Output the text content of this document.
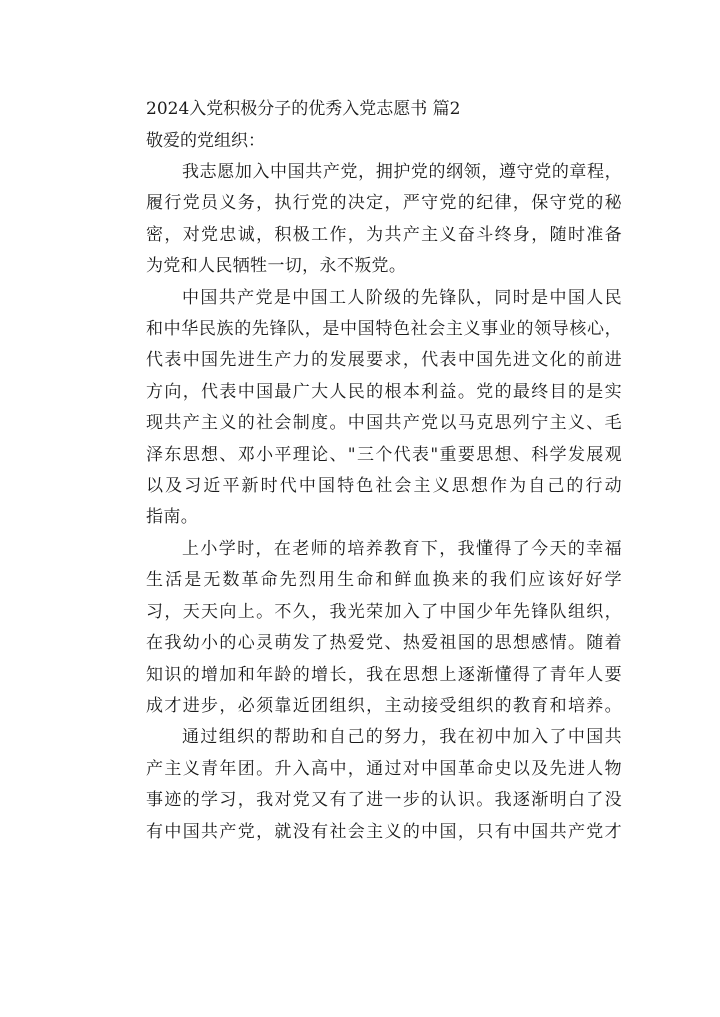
2024入党积极分子的优秀入党志愿书 篇2

敬爱的党组织：

我志愿加入中国共产党，拥护党的纲领，遵守党的章程，
履行党员义务，执行党的决定，严守党的纪律，保守党的秘
密，对党忠诚，积极工作，为共产主义奋斗终身，随时准备
为党和人民牺牲一切，永不叛党。
中国共产党是中国工人阶级的先锋队，同时是中国人民
和中华民族的先锋队，是中国特色社会主义事业的领导核心，
代表中国先进生产力的发展要求，代表中国先进文化的前进
方向，代表中国最广大人民的根本利益。党的最终目的是实
现共产主义的社会制度。中国共产党以马克思列宁主义、毛
泽东思想、邓小平理论、"三个代表"重要思想、科学发展观
以及习近平新时代中国特色社会主义思想作为自己的行动
指南。
上小学时，在老师的培养教育下，我懂得了今天的幸福
生活是无数革命先烈用生命和鲜血换来的我们应该好好学
习，天天向上。不久，我光荣加入了中国少年先锋队组织，
在我幼小的心灵萌发了热爱党、热爱祖国的思想感情。随着
知识的增加和年龄的增长，我在思想上逐渐懂得了青年人要
成才进步，必须靠近团组织，主动接受组织的教育和培养。
通过组织的帮助和自己的努力，我在初中加入了中国共
产主义青年团。升入高中，通过对中国革命史以及先进人物
事迹的学习，我对党又有了进一步的认识。我逐渐明白了没
有中国共产党，就没有社会主义的中国，只有中国共产党才
